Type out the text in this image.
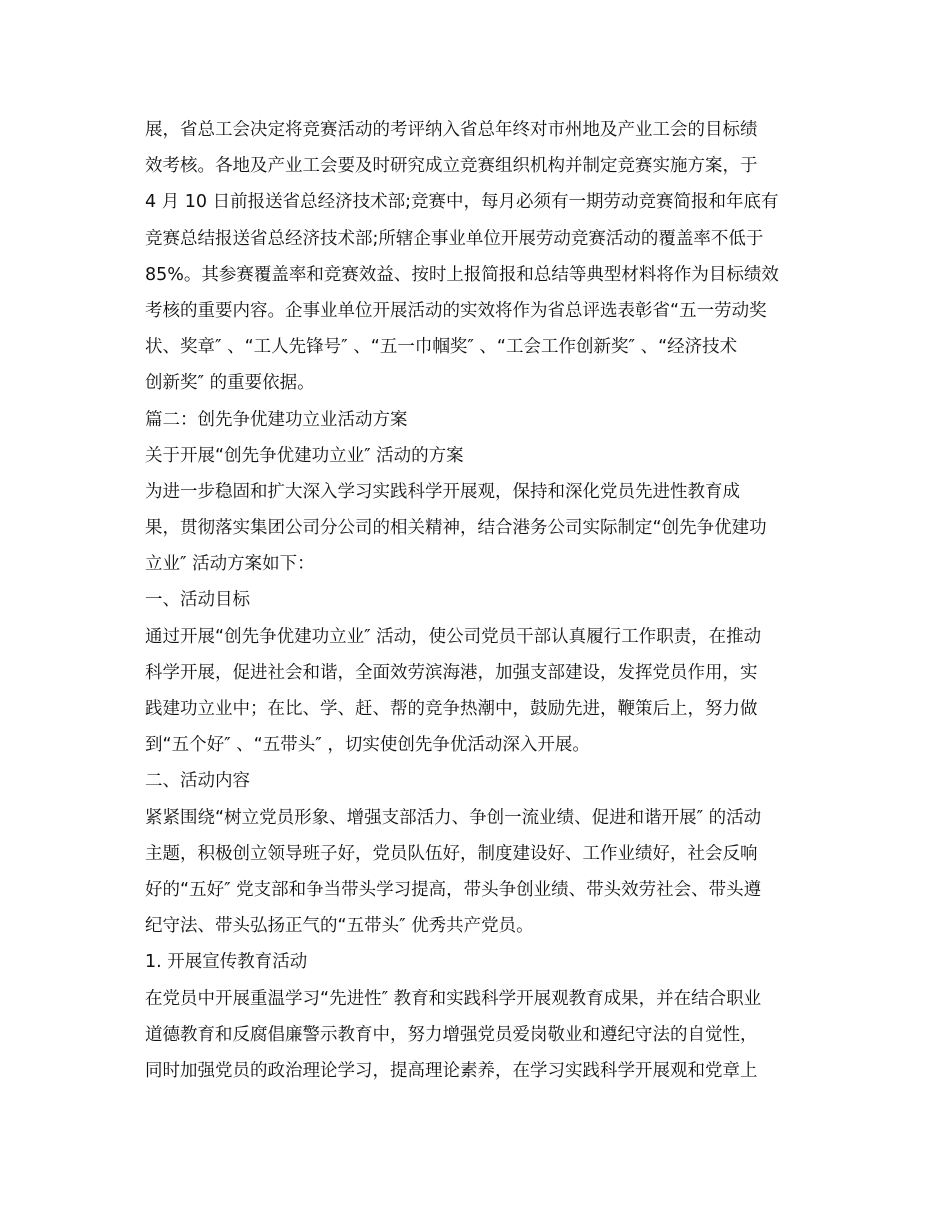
展，省总工会决定将竞赛活动的考评纳入省总年终对市州地及产业工会的目标绩
效考核。各地及产业工会要及时研究成立竞赛组织机构并制定竞赛实施方案，于
4 月 10 日前报送省总经济技术部;竞赛中，每月必须有一期劳动竞赛简报和年底有
竞赛总结报送省总经济技术部;所辖企事业单位开展劳动竞赛活动的覆盖率不低于
85%。其参赛覆盖率和竞赛效益、按时上报简报和总结等典型材料将作为目标绩效
考核的重要内容。企事业单位开展活动的实效将作为省总评选表彰省“五一劳动奖
状、奖章″ 、“工人先锋号″ 、“五一巾帼奖″ 、“工会工作创新奖″ 、“经济技术
创新奖″ 的重要依据。
篇二：创先争优建功立业活动方案
关于开展“创先争优建功立业″ 活动的方案
为进一步稳固和扩大深入学习实践科学开展观，保持和深化党员先进性教育成
果，贯彻落实集团公司分公司的相关精神，结合港务公司实际制定“创先争优建功
立业″ 活动方案如下：
一、活动目标
通过开展“创先争优建功立业″ 活动，使公司党员干部认真履行工作职责，在推动
科学开展，促进社会和谐，全面效劳滨海港，加强支部建设，发挥党员作用，实
践建功立业中；在比、学、赶、帮的竞争热潮中，鼓励先进，鞭策后上，努力做
到“五个好″ 、“五带头″ ，切实使创先争优活动深入开展。
二、活动内容
紧紧围绕“树立党员形象、增强支部活力、争创一流业绩、促进和谐开展″ 的活动
主题，积极创立领导班子好，党员队伍好，制度建设好、工作业绩好，社会反响
好的“五好″ 党支部和争当带头学习提高，带头争创业绩、带头效劳社会、带头遵
纪守法、带头弘扬正气的“五带头″ 优秀共产党员。
1. 开展宣传教育活动
在党员中开展重温学习“先进性″ 教育和实践科学开展观教育成果，并在结合职业
道德教育和反腐倡廉警示教育中，努力增强党员爱岗敬业和遵纪守法的自觉性，
同时加强党员的政治理论学习，提高理论素养，在学习实践科学开展观和党章上
